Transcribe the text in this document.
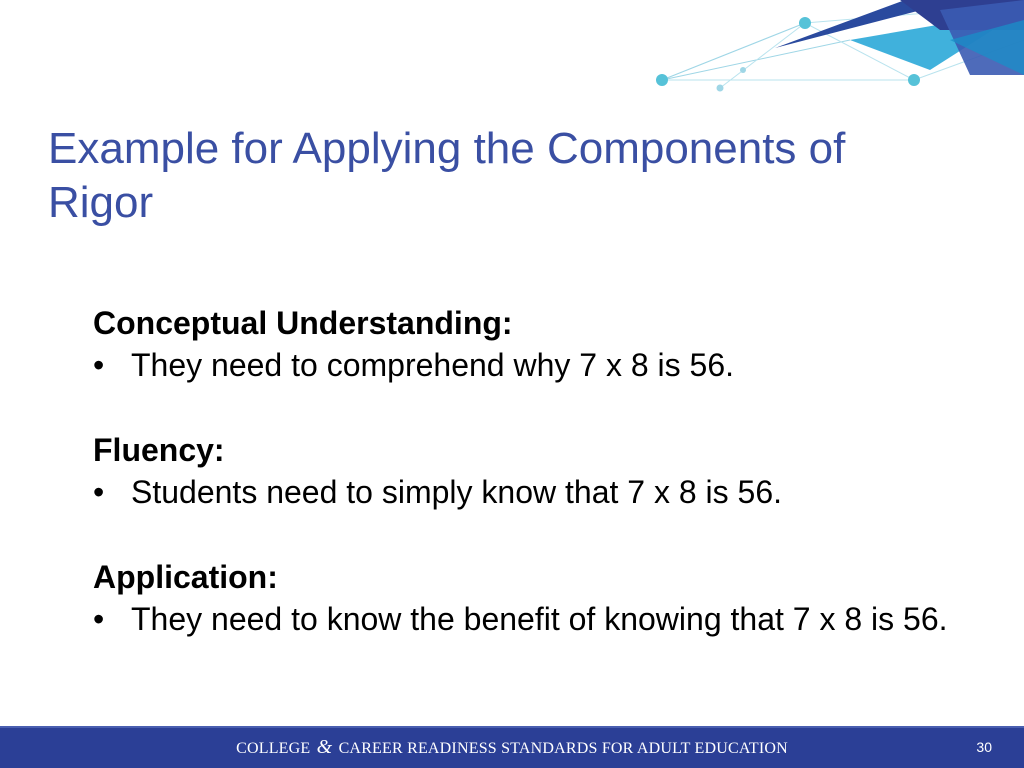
Example for Applying the Components of Rigor
Conceptual Understanding:
• They need to comprehend why 7 x 8 is 56.
Fluency:
• Students need to simply know that 7 x 8 is 56.
Application:
• They need to know the benefit of knowing that 7 x 8 is 56.
COLLEGE & CAREER READINESS STANDARDS FOR ADULT EDUCATION	30
